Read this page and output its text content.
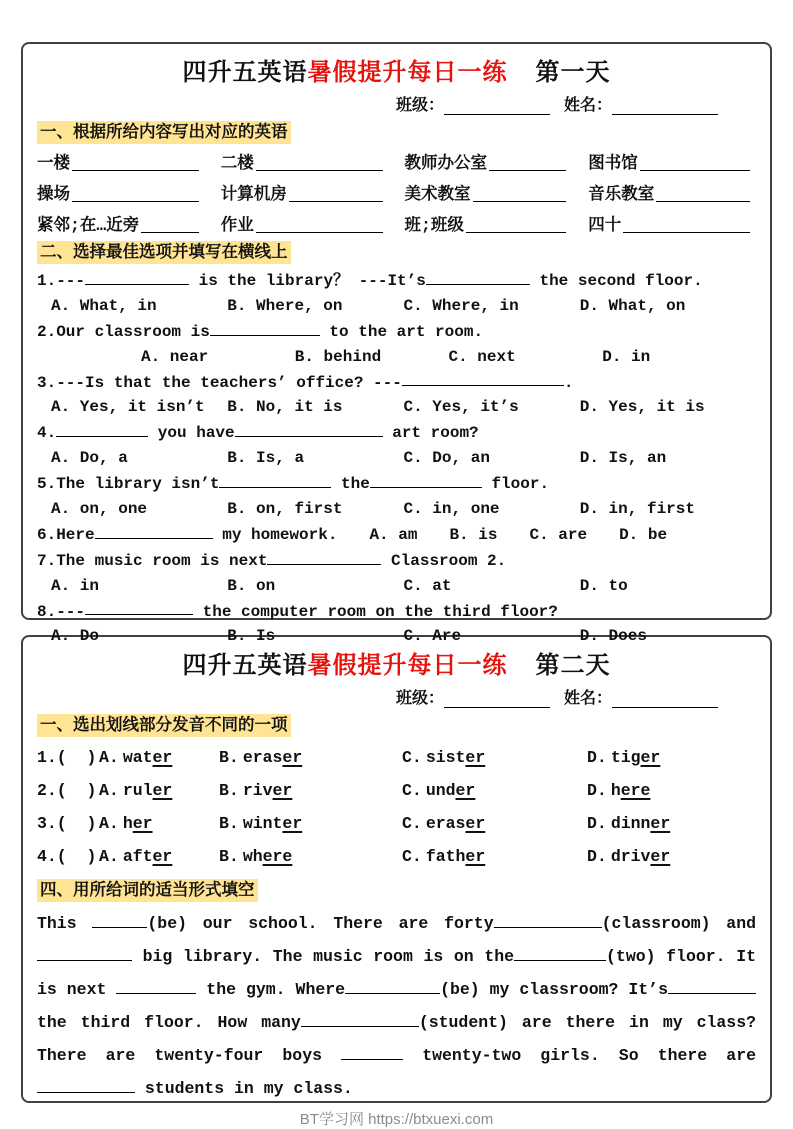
四升五英语暑假提升每日一练 第一天
班级：	姓名：
一、根据所给内容写出对应的英语
一楼	二楼	教师办公室	图书馆
操场	计算机房	美术教室	音乐教室
紧邻;在…近旁	作业	班;班级	四十
二、选择最佳选项并填写在横线上
1.---	is the library？ ---It’s	the second floor.
A. What, in	B. Where, on	C. Where, in	D. What, on
2.Our classroom is	to the art room.
A. near	B. behind	C. next	D. in
3.---Is that the teachers’ office? ---	.
A. Yes, it isn’t	B. No, it is	C. Yes, it’s	D. Yes, it is
4.	you have	art room?
A. Do, a	B. Is, a	C. Do, an	D. Is, an
5.The library isn’t	the	floor.
A. on, one	B. on, first	C. in, one	D. in, first
6.Here	my homework. A. am B. is C. are D. be
7.The music room is next	Classroom 2.
A. in	B. on	C. at	D. to
8.---	the computer room on the third floor?
A. Do	B. Is	C. Are	D. Does
四升五英语暑假提升每日一练 第二天
班级：	姓名：
一、选出划线部分发音不同的一项
1.(  ) A. water	B. eraser	C. sister	D. tiger
2.(  ) A. ruler	B. river	C. under	D. here
3.(  ) A. her	B. winter	C. eraser	D. dinner
4.(  ) A. after	B. where	C. father	D. driver
四、用所给词的适当形式填空

This	(be) our school. There are forty	(classroom) and  big library. The music room is on the	(two) floor. It is next	the gym. Where	(be) my classroom? It’s the third floor. How many	(student) are there in my class? There are twenty-four boys	twenty-two girls. So there are students in my class.

BT学习网 https://btxuexi.com
